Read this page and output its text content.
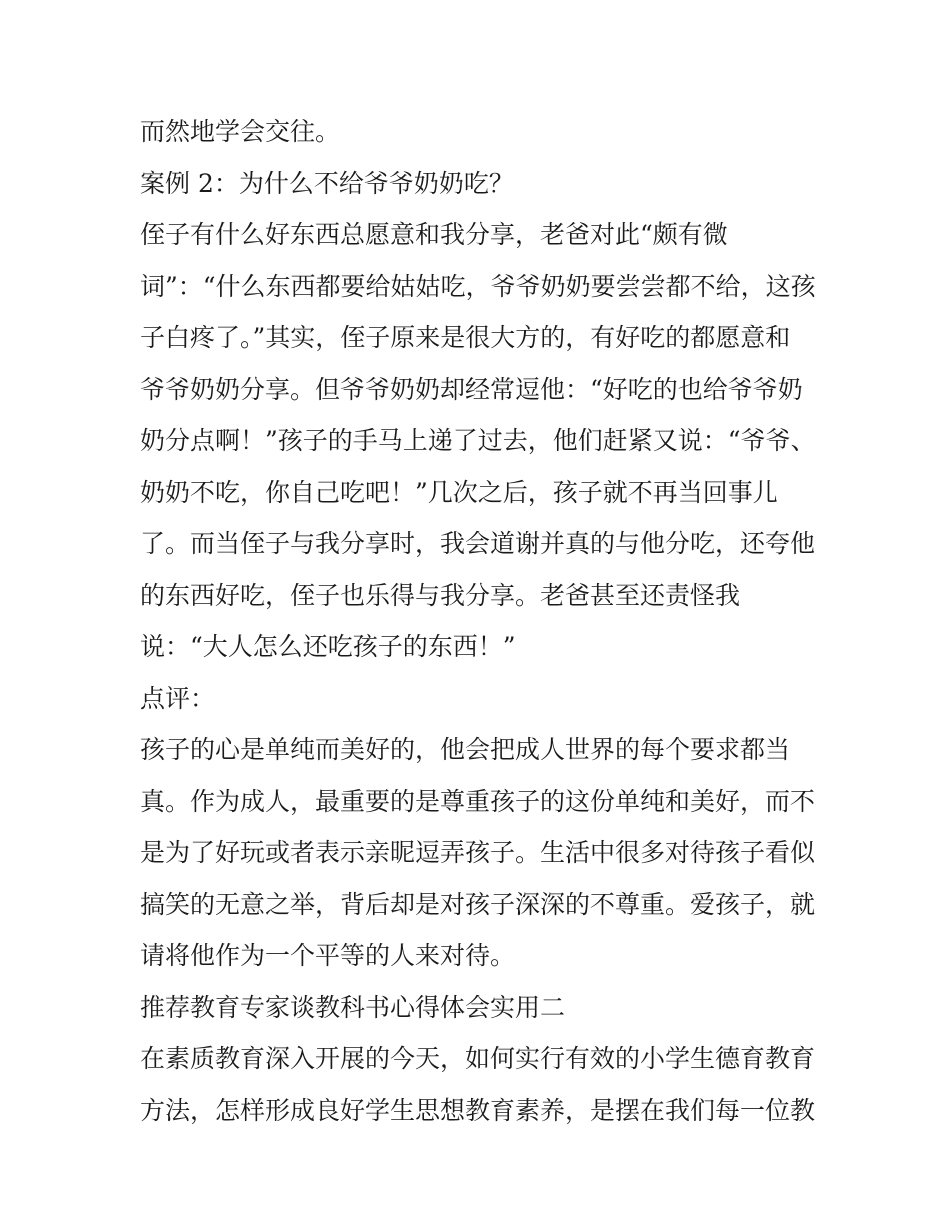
而然地学会交往。
案例 2：为什么不给爷爷奶奶吃？
侄子有什么好东西总愿意和我分享，老爸对此“颇有微
词”：“什么东西都要给姑姑吃，爷爷奶奶要尝尝都不给，这孩
子白疼了。”其实，侄子原来是很大方的，有好吃的都愿意和
爷爷奶奶分享。但爷爷奶奶却经常逗他：“好吃的也给爷爷奶
奶分点啊！”孩子的手马上递了过去，他们赶紧又说：“爷爷、
奶奶不吃，你自己吃吧！”几次之后，孩子就不再当回事儿
了。而当侄子与我分享时，我会道谢并真的与他分吃，还夸他
的东西好吃，侄子也乐得与我分享。老爸甚至还责怪我
说：“大人怎么还吃孩子的东西！”
点评：
孩子的心是单纯而美好的，他会把成人世界的每个要求都当
真。作为成人，最重要的是尊重孩子的这份单纯和美好，而不
是为了好玩或者表示亲昵逗弄孩子。生活中很多对待孩子看似
搞笑的无意之举，背后却是对孩子深深的不尊重。爱孩子，就
请将他作为一个平等的人来对待。
推荐教育专家谈教科书心得体会实用二
在素质教育深入开展的今天，如何实行有效的小学生德育教育
方法，怎样形成良好学生思想教育素养，是摆在我们每一位教
